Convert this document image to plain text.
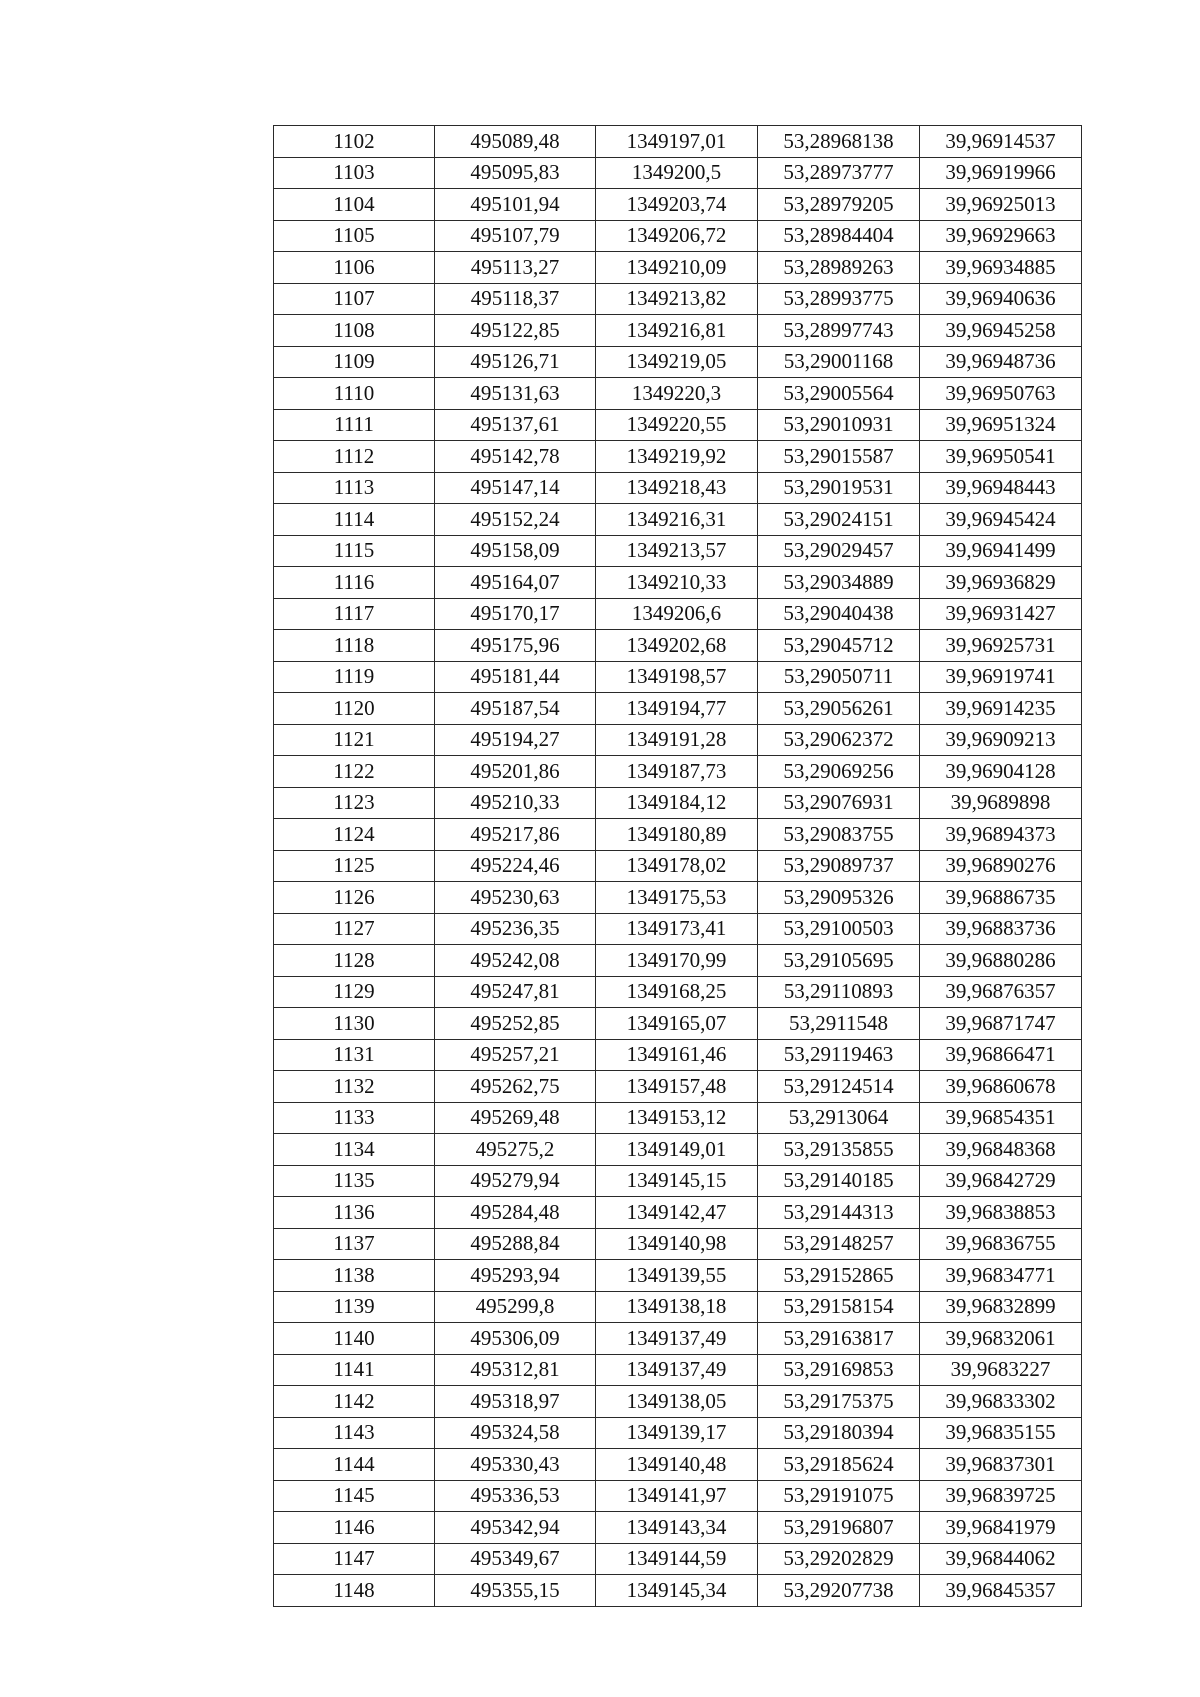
1102	495089,48	1349197,01	53,28968138	39,96914537
1103	495095,83	1349200,5	53,28973777	39,96919966
1104	495101,94	1349203,74	53,28979205	39,96925013
1105	495107,79	1349206,72	53,28984404	39,96929663
1106	495113,27	1349210,09	53,28989263	39,96934885
1107	495118,37	1349213,82	53,28993775	39,96940636
1108	495122,85	1349216,81	53,28997743	39,96945258
1109	495126,71	1349219,05	53,29001168	39,96948736
1110	495131,63	1349220,3	53,29005564	39,96950763
1111	495137,61	1349220,55	53,29010931	39,96951324
1112	495142,78	1349219,92	53,29015587	39,96950541
1113	495147,14	1349218,43	53,29019531	39,96948443
1114	495152,24	1349216,31	53,29024151	39,96945424
1115	495158,09	1349213,57	53,29029457	39,96941499
1116	495164,07	1349210,33	53,29034889	39,96936829
1117	495170,17	1349206,6	53,29040438	39,96931427
1118	495175,96	1349202,68	53,29045712	39,96925731
1119	495181,44	1349198,57	53,29050711	39,96919741
1120	495187,54	1349194,77	53,29056261	39,96914235
1121	495194,27	1349191,28	53,29062372	39,96909213
1122	495201,86	1349187,73	53,29069256	39,96904128
1123	495210,33	1349184,12	53,29076931	39,9689898
1124	495217,86	1349180,89	53,29083755	39,96894373
1125	495224,46	1349178,02	53,29089737	39,96890276
1126	495230,63	1349175,53	53,29095326	39,96886735
1127	495236,35	1349173,41	53,29100503	39,96883736
1128	495242,08	1349170,99	53,29105695	39,96880286
1129	495247,81	1349168,25	53,29110893	39,96876357
1130	495252,85	1349165,07	53,2911548	39,96871747
1131	495257,21	1349161,46	53,29119463	39,96866471
1132	495262,75	1349157,48	53,29124514	39,96860678
1133	495269,48	1349153,12	53,2913064	39,96854351
1134	495275,2	1349149,01	53,29135855	39,96848368
1135	495279,94	1349145,15	53,29140185	39,96842729
1136	495284,48	1349142,47	53,29144313	39,96838853
1137	495288,84	1349140,98	53,29148257	39,96836755
1138	495293,94	1349139,55	53,29152865	39,96834771
1139	495299,8	1349138,18	53,29158154	39,96832899
1140	495306,09	1349137,49	53,29163817	39,96832061
1141	495312,81	1349137,49	53,29169853	39,9683227
1142	495318,97	1349138,05	53,29175375	39,96833302
1143	495324,58	1349139,17	53,29180394	39,96835155
1144	495330,43	1349140,48	53,29185624	39,96837301
1145	495336,53	1349141,97	53,29191075	39,96839725
1146	495342,94	1349143,34	53,29196807	39,96841979
1147	495349,67	1349144,59	53,29202829	39,96844062
1148	495355,15	1349145,34	53,29207738	39,96845357
